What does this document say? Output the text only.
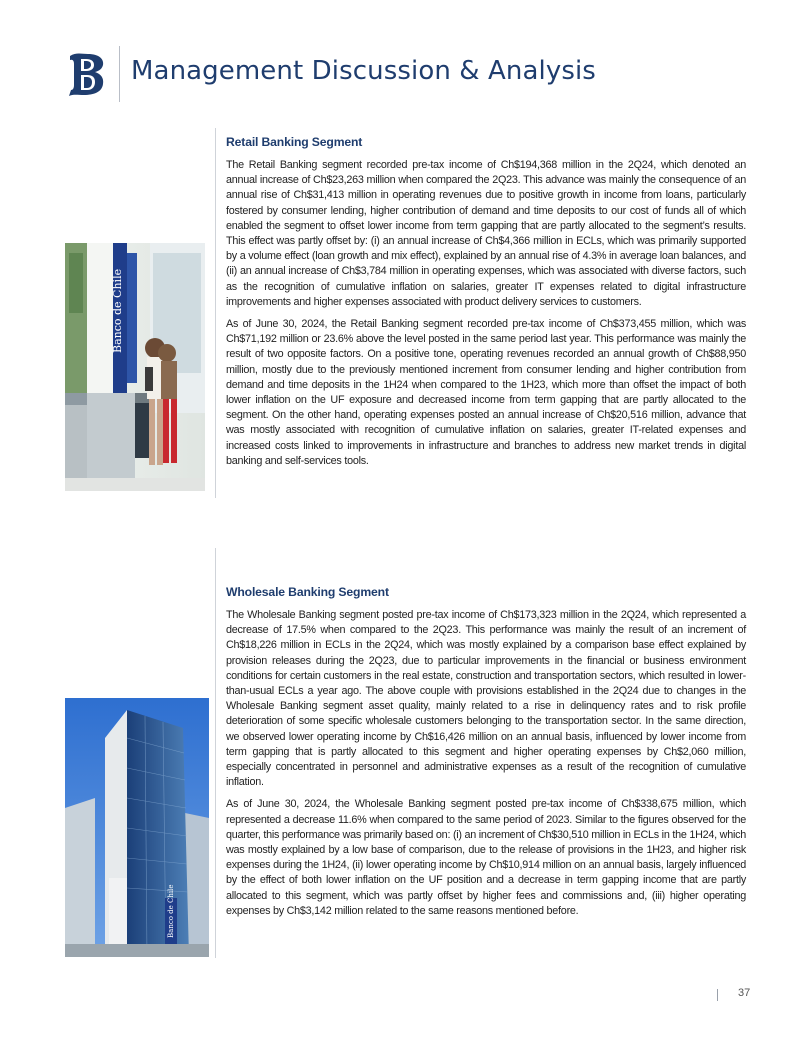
Management Discussion & Analysis
Banco de Chile
Retail Banking Segment

The Retail Banking segment recorded pre-tax income of Ch$194,368 million in the 2Q24, which denoted an annual increase of Ch$23,263 million when compared the 2Q23. This advance was mainly the consequence of an annual rise of Ch$31,413 million in operating revenues due to positive growth in income from loans, particularly fostered by consumer lending, higher contribution of demand and time deposits to our cost of funds all of which enabled the segment to offset lower income from term gapping that are partly allocated to the segment’s results. This effect was partly offset by: (i) an annual increase of Ch$4,366 million in ECLs, which was primarily supported by a volume effect (loan growth and mix effect), explained by an annual rise of 4.3% in average loan balances, and (ii) an annual increase of Ch$3,784 million in operating expenses, which was associated with diverse factors, such as the recognition of cumulative inflation on salaries, greater IT expenses related to digital infrastructure improvements and higher expenses associated with product delivery services to customers.

As of June 30, 2024, the Retail Banking segment recorded pre-tax income of Ch$373,455 million, which was Ch$71,192 million or 23.6% above the level posted in the same period last year. This performance was mainly the result of two opposite factors. On a positive tone, operating revenues recorded an annual growth of Ch$88,950 million, mostly due to the previously mentioned increment from consumer lending and higher contribution from demand and time deposits in the 1H24 when compared to the 1H23, which more than offset the impact of both lower inflation on the UF exposure and decreased income from term gapping that are partly allocated to the segment. On the other hand, operating expenses posted an annual increase of Ch$20,516 million, advance that was mostly associated with recognition of cumulative inflation on salaries, greater IT-related expenses and increased costs linked to improvements in infrastructure and branches to address new market trends in digital banking and self-services tools.

Banco de Chile
Wholesale Banking Segment

The Wholesale Banking segment posted pre-tax income of Ch$173,323 million in the 2Q24, which represented a decrease of 17.5% when compared to the 2Q23. This performance was mainly the result of an increment of Ch$18,226 million in ECLs in the 2Q24, which was mostly explained by a comparison base effect explained by provision releases during the 2Q23, due to particular improvements in the financial or business environment conditions for certain customers in the real estate, construction and transportation sectors, which resulted in lower-than-usual ECLs a year ago. The above couple with provisions established in the 2Q24 due to changes in the Wholesale Banking segment asset quality, mainly related to a rise in delinquency rates and to risk profile deterioration of some specific wholesale customers belonging to the transportation sector. In the same direction, we observed lower operating income by Ch$16,426 million on an annual basis, influenced by lower income from term gapping that is partly allocated to this segment and higher operating expenses by Ch$2,060 million, especially concentrated in personnel and administrative expenses as a result of the recognition of cumulative inflation.

As of June 30, 2024, the Wholesale Banking segment posted pre-tax income of Ch$338,675 million, which represented a decrease 11.6% when compared to the same period of 2023. Similar to the figures observed for the quarter, this performance was primarily based on: (i) an increment of Ch$30,510 million in ECLs in the 1H24, which was mostly explained by a low base of comparison, due to the release of provisions in the 1H23, and higher risk expenses during the 1H24, (ii) lower operating income by Ch$10,914 million on an annual basis, largely influenced by the effect of both lower inflation on the UF position and a decrease in term gapping income that are partly allocated to this segment, which was partly offset by higher fees and commissions and, (iii) higher operating expenses by Ch$3,142 million related to the same reasons mentioned before.

37
